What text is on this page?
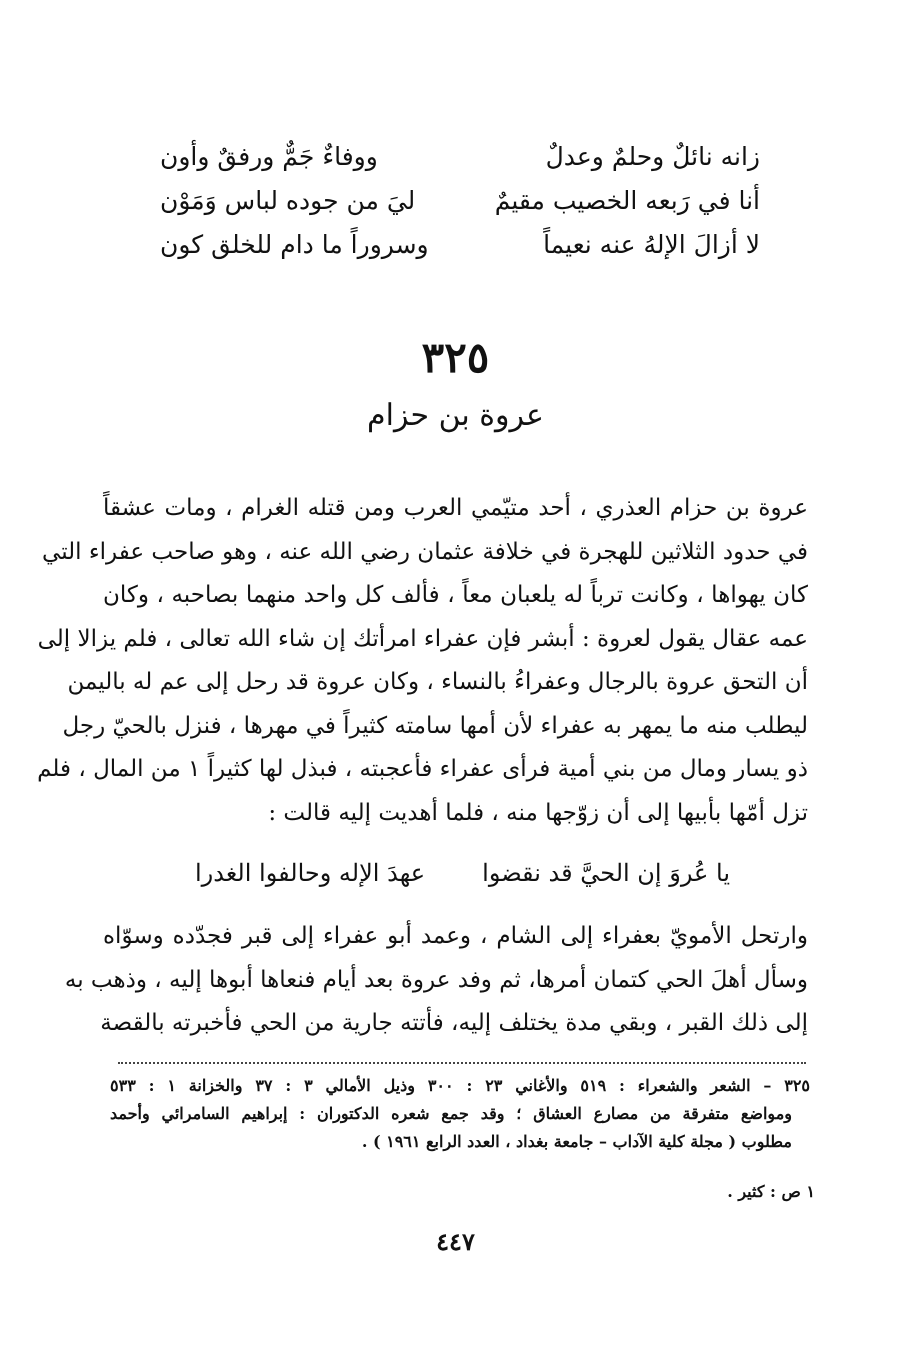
زانه نائلٌ وحلمٌ وعدلٌ
ووفاءٌ جَمٌّ ورفقٌ وأون
أنا في رَبعه الخصيب مقيمٌ
ليَ من جوده لباس وَمَوْن
لا أزالَ الإلهُ عنه نعيماً
وسروراً ما دام للخلق كون
٣٢٥
عروة بن حزام
عروة بن حزام العذري ، أحد متيّمي العرب ومن قتله الغرام ، ومات عشقاً
في حدود الثلاثين للهجرة في خلافة عثمان رضي الله عنه ، وهو صاحب عفراء التي
كان يهواها ، وكانت ترباً له يلعبان معاً ، فألف كل واحد منهما بصاحبه ، وكان
عمه عقال يقول لعروة : أبشر فإن عفراء امرأتك إن شاء الله تعالى ، فلم يزالا إلى
أن التحق عروة بالرجال وعفراءُ بالنساء ، وكان عروة قد رحل إلى عم له باليمن
ليطلب منه ما يمهر به عفراء لأن أمها سامته كثيراً في مهرها ، فنزل بالحيّ رجل
ذو يسار ومال من بني أمية فرأى عفراء فأعجبته ، فبذل لها كثيراً ١ من المال ، فلم
تزل أمّها بأبيها إلى أن زوّجها منه ، فلما أهديت إليه قالت :
يا عُروَ إن الحيَّ قد نقضوا
عهدَ الإله وحالفوا الغدرا
وارتحل الأمويّ بعفراء إلى الشام ، وعمد أبو عفراء إلى قبر فجدّده وسوّاه
وسأل أهلَ الحي كتمان أمرها، ثم وفد عروة بعد أيام فنعاها أبوها إليه ، وذهب به
إلى ذلك القبر ، وبقي مدة يختلف إليه، فأتته جارية من الحي فأخبرته بالقصة
٣٢٥ – الشعر والشعراء : ٥١٩ والأغاني ٢٣ : ٣٠٠ وذيل الأمالي ٣ : ٣٧ والخزانة ١ : ٥٣٣
ومواضع متفرقة من مصارع العشاق ؛ وقد جمع شعره الدكتوران : إبراهيم السامرائي وأحمد
مطلوب ( مجلة كلية الآداب – جامعة بغداد ، العدد الرابع ١٩٦١ ) .
١ ص : كثير .
٤٤٧
